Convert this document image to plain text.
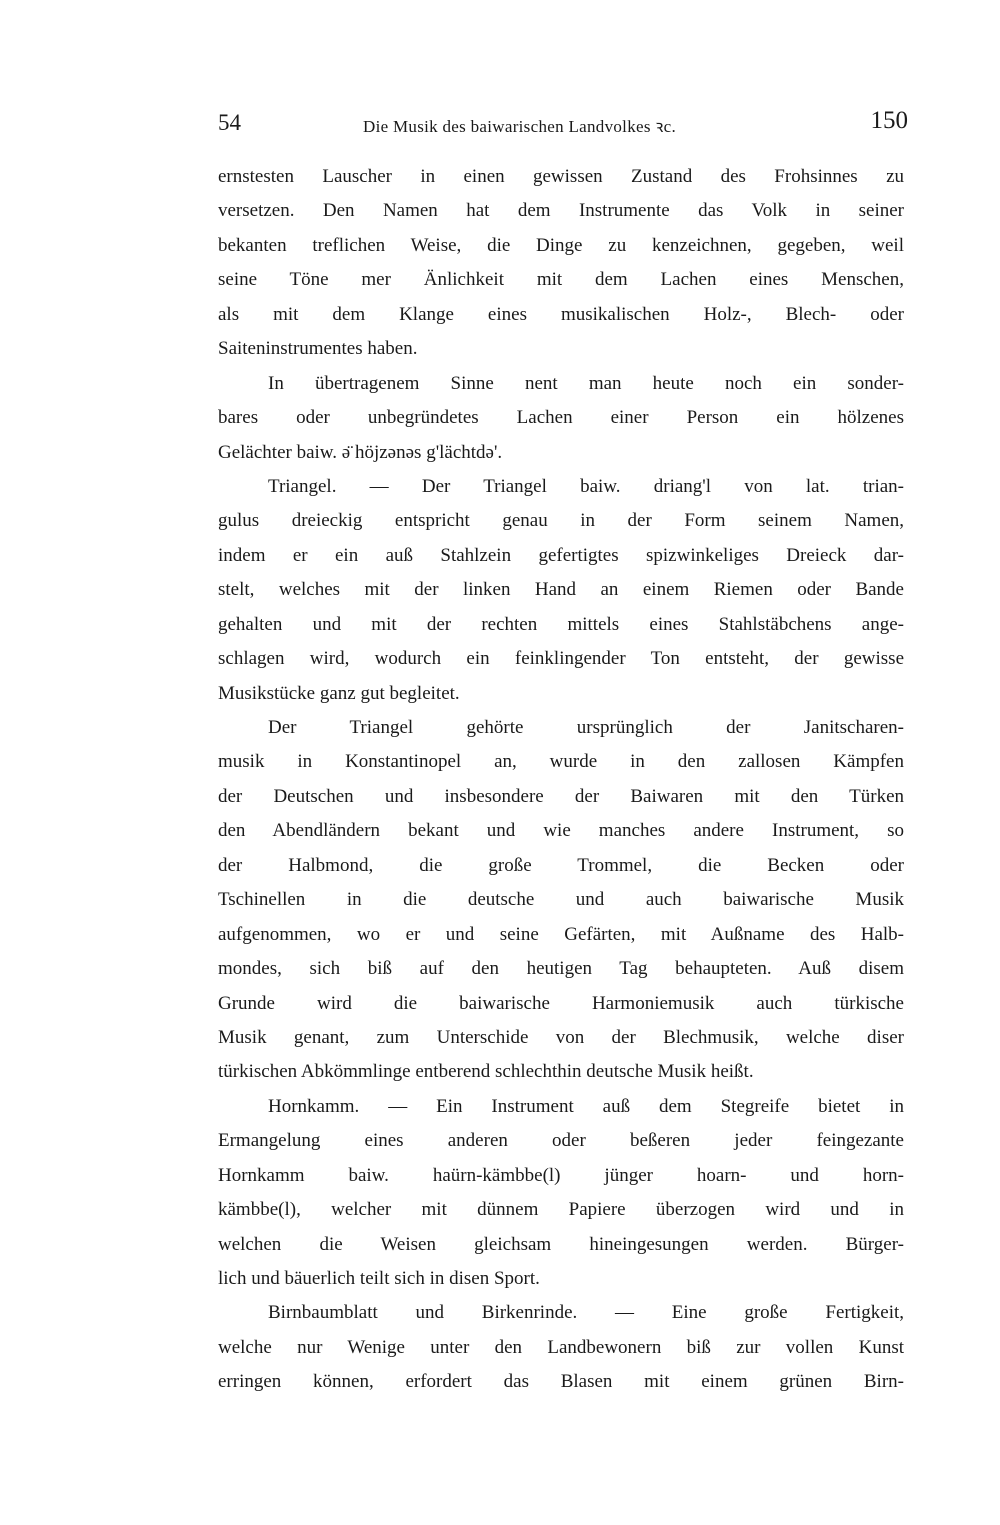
54	Die Musik des baiwarischen Landvolkes ꝛc.	150
ernstesten Lauscher in einen gewissen Zustand des Frohsinnes zu
versetzen. Den Namen hat dem Instrumente das Volk in seiner
bekanten treflichen Weise, die Dinge zu kenzeichnen, gegeben, weil
seine Töne mer Änlichkeit mit dem Lachen eines Menschen,
als mit dem Klange eines musikalischen Holz-, Blech- oder
Saiteninstrumentes haben.
In übertragenem Sinne nent man heute noch ein sonder-
bares oder unbegründetes Lachen einer Person ein hölzenes
Gelächter baiw. ə̈ höjzənəs g'lächtdə'.
Triangel. — Der Triangel baiw. driang'l von lat. trian-
gulus dreieckig entspricht genau in der Form seinem Namen,
indem er ein auß Stahlzein gefertigtes spizwinkeliges Dreieck dar-
stelt, welches mit der linken Hand an einem Riemen oder Bande
gehalten und mit der rechten mittels eines Stahlstäbchens ange-
schlagen wird, wodurch ein feinklingender Ton entsteht, der gewisse
Musikstücke ganz gut begleitet.
Der Triangel gehörte ursprünglich der Janitscharen-
musik in Konstantinopel an, wurde in den zallosen Kämpfen
der Deutschen und insbesondere der Baiwaren mit den Türken
den Abendländern bekant und wie manches andere Instrument, so
der Halbmond, die große Trommel, die Becken oder
Tschinellen in die deutsche und auch baiwarische Musik
aufgenommen, wo er und seine Gefärten, mit Außname des Halb-
mondes, sich biß auf den heutigen Tag behaupteten. Auß disem
Grunde wird die baiwarische Harmoniemusik auch türkische
Musik genant, zum Unterschide von der Blechmusik, welche diser
türkischen Abkömmlinge entberend schlechthin deutsche Musik heißt.
Hornkamm. — Ein Instrument auß dem Stegreife bietet in
Ermangelung eines anderen oder beßeren jeder feingezante
Hornkamm baiw. haürn-kämbbe(l) jünger hoarn- und horn-
kämbbe(l), welcher mit dünnem Papiere überzogen wird und in
welchen die Weisen gleichsam hineingesungen werden. Bürger-
lich und bäuerlich teilt sich in disen Sport.
Birnbaumblatt und Birkenrinde. — Eine große Fertigkeit,
welche nur Wenige unter den Landbewonern biß zur vollen Kunst
erringen können, erfordert das Blasen mit einem grünen Birn-
